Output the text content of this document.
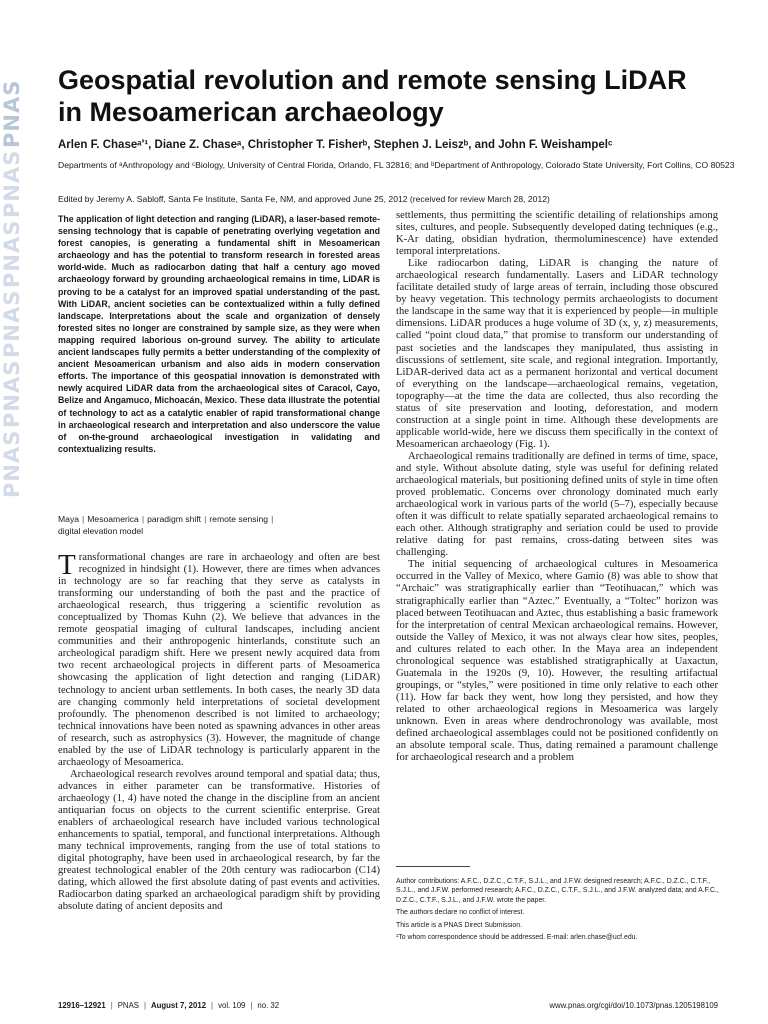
PNAS
PNAS
PNAS
PNAS
PNAS
PNAS
Geospatial revolution and remote sensing LiDAR in Mesoamerican archaeology
Arlen F. Chaseᵃʹ¹, Diane Z. Chaseᵃ, Christopher T. Fisherᵇ, Stephen J. Leiszᵇ, and John F. Weishampelᶜ
Departments of ᵃAnthropology and ᶜBiology, University of Central Florida, Orlando, FL 32816; and ᵇDepartment of Anthropology, Colorado State University, Fort Collins, CO 80523
Edited by Jeremy A. Sabloff, Santa Fe Institute, Santa Fe, NM, and approved June 25, 2012 (received for review March 28, 2012)

The application of light detection and ranging (LiDAR), a laser-based remote-sensing technology that is capable of penetrating overlying vegetation and forest canopies, is generating a fundamental shift in Mesoamerican archaeology and has the potential to transform research in forested areas world-wide. Much as radiocarbon dating that half a century ago moved archaeology forward by grounding archaeological remains in time, LiDAR is proving to be a catalyst for an improved spatial understanding of the past. With LiDAR, ancient societies can be contextualized within a fully defined landscape. Interpretations about the scale and organization of densely forested sites no longer are constrained by sample size, as they were when mapping required laborious on-ground survey. The ability to articulate ancient landscapes fully permits a better understanding of the complexity of ancient Mesoamerican urbanism and also aids in modern conservation efforts. The importance of this geospatial innovation is demonstrated with newly acquired LiDAR data from the archaeological sites of Caracol, Cayo, Belize and Angamuco, Michoacán, Mexico. These data illustrate the potential of technology to act as a catalytic enabler of rapid transformational change in archaeological research and interpretation and also underscore the value of on-the-ground archaeological investigation in validating and contextualizing results.

Maya | Mesoamerica | paradigm shift | remote sensing |
digital elevation model

Transformational changes are rare in archaeology and often are best recognized in hindsight (1). However, there are times when advances in technology are so far reaching that they serve as catalysts in transforming our understanding of both the past and the practice of archaeological research, thus triggering a scientific revolution as conceptualized by Thomas Kuhn (2). We believe that advances in the remote geospatial imaging of cultural landscapes, including ancient communities and their anthropogenic hinterlands, constitute such an archeological paradigm shift. Here we present newly acquired data from two recent archaeological projects in different parts of Mesoamerica showcasing the application of light detection and ranging (LiDAR) technology to ancient urban settlements. In both cases, the nearly 3D data are changing commonly held interpretations of societal development profoundly. The phenomenon described is not limited to archaeology; technical innovations have been noted as spawning advances in other areas of research, such as astrophysics (3). However, the magnitude of change enabled by the use of LiDAR technology is particularly apparent in the archaeology of Mesoamerica.

Archaeological research revolves around temporal and spatial data; thus, advances in either parameter can be transformative. Histories of archaeology (1, 4) have noted the change in the discipline from an ancient antiquarian focus on objects to the current scientific enterprise. Great enablers of archaeological research have included various technological enhancements to spatial, temporal, and functional interpretations. Although many technical improvements, ranging from the use of total stations to digital photography, have been used in archaeological research, by far the greatest technological enabler of the 20th century was radiocarbon (C14) dating, which allowed the first absolute dating of past events and activities. Radiocarbon dating sparked an archaeological paradigm shift by providing absolute dating of ancient deposits and

settlements, thus permitting the scientific detailing of relationships among sites, cultures, and people. Subsequently developed dating techniques (e.g., K-Ar dating, obsidian hydration, thermoluminescence) have extended temporal interpretations.

Like radiocarbon dating, LiDAR is changing the nature of archaeological research fundamentally. Lasers and LiDAR technology facilitate detailed study of large areas of terrain, including those obscured by heavy vegetation. This technology permits archaeologists to document the landscape in the same way that it is experienced by people—in multiple dimensions. LiDAR produces a huge volume of 3D (x, y, z) measurements, called “point cloud data,” that promise to transform our understanding of past societies and the landscapes they manipulated, thus assisting in discussions of settlement, site scale, and regional integration. Importantly, LiDAR-derived data act as a permanent horizontal and vertical document of everything on the landscape—archaeological remains, vegetation, topography—at the time the data are collected, thus also recording the status of site preservation and looting, deforestation, and modern construction at a single point in time. Although these developments are applicable world-wide, here we discuss them specifically in the context of Mesoamerican archaeology (Fig. 1).

Archaeological remains traditionally are defined in terms of time, space, and style. Without absolute dating, style was useful for defining related archaeological materials, but positioning defined units of style in time often proved problematic. Concerns over chronology dominated much early archaeological work in various parts of the world (5–7), especially because often it was difficult to relate spatially separated archaeological remains to each other. Although stratigraphy and seriation could be used to provide relative dating for past remains, cross-dating between sites was challenging.

The initial sequencing of archaeological cultures in Mesoamerica occurred in the Valley of Mexico, where Gamio (8) was able to show that “Archaic” was stratigraphically earlier than “Teotihuacan,” which was stratigraphically earlier than “Aztec.” Eventually, a “Toltec” horizon was placed between Teotihuacan and Aztec, thus establishing a basic framework for the interpretation of central Mexican archaeological remains. However, outside the Valley of Mexico, it was not always clear how sites, peoples, and cultures related to each other. In the Maya area an independent chronological sequence was established stratigraphically at Uaxactun, Guatemala in the 1920s (9, 10). However, the resulting artifactual groupings, or “styles,” were positioned in time only relative to each other (11). How far back they went, how long they persisted, and how they related to other archaeological regions in Mesoamerica was largely unknown. Even in areas where dendrochronology was available, most defined archaeological assemblages could not be positioned confidently on an absolute temporal scale. Thus, dating remained a paramount challenge for archaeological research and a problem

Author contributions: A.F.C., D.Z.C., C.T.F., S.J.L., and J.F.W. designed research; A.F.C., D.Z.C., C.T.F., S.J.L., and J.F.W. performed research; A.F.C., D.Z.C., C.T.F., S.J.L., and J.F.W. analyzed data; and A.F.C., D.Z.C., C.T.F., S.J.L., and J.F.W. wrote the paper.

The authors declare no conflict of interest.

This article is a PNAS Direct Submission.

¹To whom correspondence should be addressed. E-mail: arlen.chase@ucf.edu.

12916–12921 | PNAS | August 7, 2012 | vol. 109 | no. 32	www.pnas.org/cgi/doi/10.1073/pnas.1205198109
